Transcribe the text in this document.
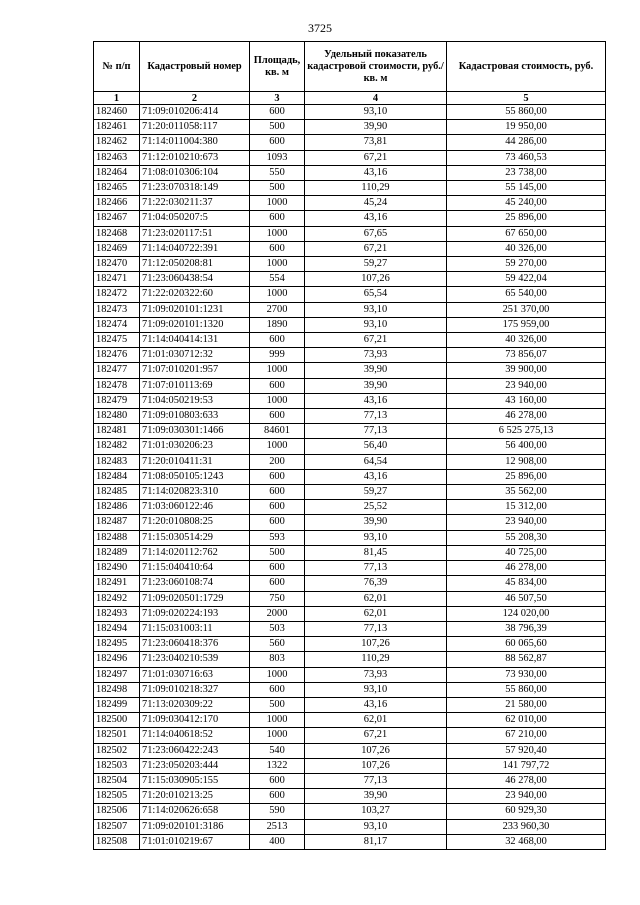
3725
№ п/п	Кадастровый номер	Площадь, кв. м	Удельный показатель кадастровой стоимости, руб./кв. м	Кадастровая стоимость, руб.
1	2	3	4	5
182460	71:09:010206:414	600	93,10	55 860,00
182461	71:20:011058:117	500	39,90	19 950,00
182462	71:14:011004:380	600	73,81	44 286,00
182463	71:12:010210:673	1093	67,21	73 460,53
182464	71:08:010306:104	550	43,16	23 738,00
182465	71:23:070318:149	500	110,29	55 145,00
182466	71:22:030211:37	1000	45,24	45 240,00
182467	71:04:050207:5	600	43,16	25 896,00
182468	71:23:020117:51	1000	67,65	67 650,00
182469	71:14:040722:391	600	67,21	40 326,00
182470	71:12:050208:81	1000	59,27	59 270,00
182471	71:23:060438:54	554	107,26	59 422,04
182472	71:22:020322:60	1000	65,54	65 540,00
182473	71:09:020101:1231	2700	93,10	251 370,00
182474	71:09:020101:1320	1890	93,10	175 959,00
182475	71:14:040414:131	600	67,21	40 326,00
182476	71:01:030712:32	999	73,93	73 856,07
182477	71:07:010201:957	1000	39,90	39 900,00
182478	71:07:010113:69	600	39,90	23 940,00
182479	71:04:050219:53	1000	43,16	43 160,00
182480	71:09:010803:633	600	77,13	46 278,00
182481	71:09:030301:1466	84601	77,13	6 525 275,13
182482	71:01:030206:23	1000	56,40	56 400,00
182483	71:20:010411:31	200	64,54	12 908,00
182484	71:08:050105:1243	600	43,16	25 896,00
182485	71:14:020823:310	600	59,27	35 562,00
182486	71:03:060122:46	600	25,52	15 312,00
182487	71:20:010808:25	600	39,90	23 940,00
182488	71:15:030514:29	593	93,10	55 208,30
182489	71:14:020112:762	500	81,45	40 725,00
182490	71:15:040410:64	600	77,13	46 278,00
182491	71:23:060108:74	600	76,39	45 834,00
182492	71:09:020501:1729	750	62,01	46 507,50
182493	71:09:020224:193	2000	62,01	124 020,00
182494	71:15:031003:11	503	77,13	38 796,39
182495	71:23:060418:376	560	107,26	60 065,60
182496	71:23:040210:539	803	110,29	88 562,87
182497	71:01:030716:63	1000	73,93	73 930,00
182498	71:09:010218:327	600	93,10	55 860,00
182499	71:13:020309:22	500	43,16	21 580,00
182500	71:09:030412:170	1000	62,01	62 010,00
182501	71:14:040618:52	1000	67,21	67 210,00
182502	71:23:060422:243	540	107,26	57 920,40
182503	71:23:050203:444	1322	107,26	141 797,72
182504	71:15:030905:155	600	77,13	46 278,00
182505	71:20:010213:25	600	39,90	23 940,00
182506	71:14:020626:658	590	103,27	60 929,30
182507	71:09:020101:3186	2513	93,10	233 960,30
182508	71:01:010219:67	400	81,17	32 468,00
